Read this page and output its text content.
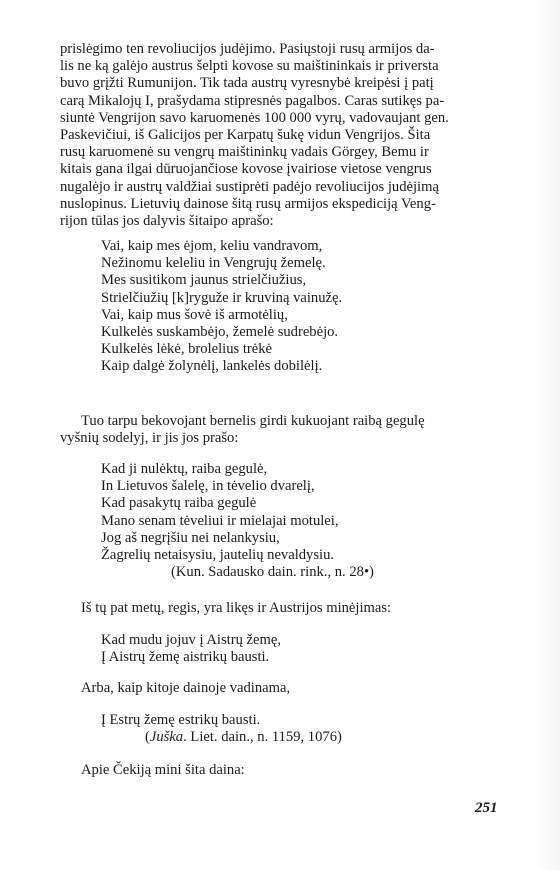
prislėgimo ten revoliucijos judėjimo. Pasiųstoji rusų armijos da-
lis ne ką galėjo austrus šelpti kovose su maištininkais ir priversta
buvo grįžti Rumunijon. Tik tada austrų vyresnybė kreipėsi į patį
carą Mikalojų I, prašydama stipresnės pagalbos. Caras sutikęs pa-
siuntė Vengrijon savo karuomenės 100 000 vyrų, vadovaujant gen.
Paskevičiui, iš Galicijos per Karpatų šukę vidun Vengrijos. Šita
rusų karuomenė su vengrų maištininkų vadais Görgey, Bemu ir
kitais gana ilgai dūruojančiose kovose įvairiose vietose vengrus
nugalėjo ir austrų valdžiai sustiprėti padėjo revoliucijos judėjimą
nuslopinus. Lietuvių dainose šitą rusų armijos ekspediciją Veng-
rijon tūlas jos dalyvis šitaipo aprašo:

Vai, kaip mes ėjom, keliu vandravom,
Nežinomu keleliu in Vengrujų žemelę.
Mes susitikom jaunus strielčiužius,
Strielčiužių [k]ryguže ir kruviną vainužę.
Vai, kaip mus šovė iš armotėlių,
Kulkelės suskambėjo, žemelė sudrebėjo.
Kulkelės lėkė, brolelius trėkė
Kaip dalgė žolynėlį, lankelės dobilėlį.

Tuo tarpu bekovojant bernelis girdi kukuojant raibą gegulę
vyšnių sodelyj, ir jis jos prašo:

Kad ji nulėktų, raiba gegulė,
In Lietuvos šalelę, in tėvelio dvarelį,
Kad pasakytų raiba gegulė
Mano senam tėveliui ir mielajai motulei,
Jog aš negrįšiu nei nelankysiu,
Žagrelių netaisysiu, jautelių nevaldysiu.
(Kun. Sadausko dain. rink., n. 28•)

Iš tų pat metų, regis, yra likęs ir Austrijos minėjimas:

Kad mudu jojuv į Aistrų žemę,
Į Aistrų žemę aistrikų bausti.

Arba, kaip kitoje dainoje vadinama,

Į Estrų žemę estrikų bausti.
(Juška. Liet. dain., n. 1159, 1076)

Apie Čekiją mini šita daina:

251
